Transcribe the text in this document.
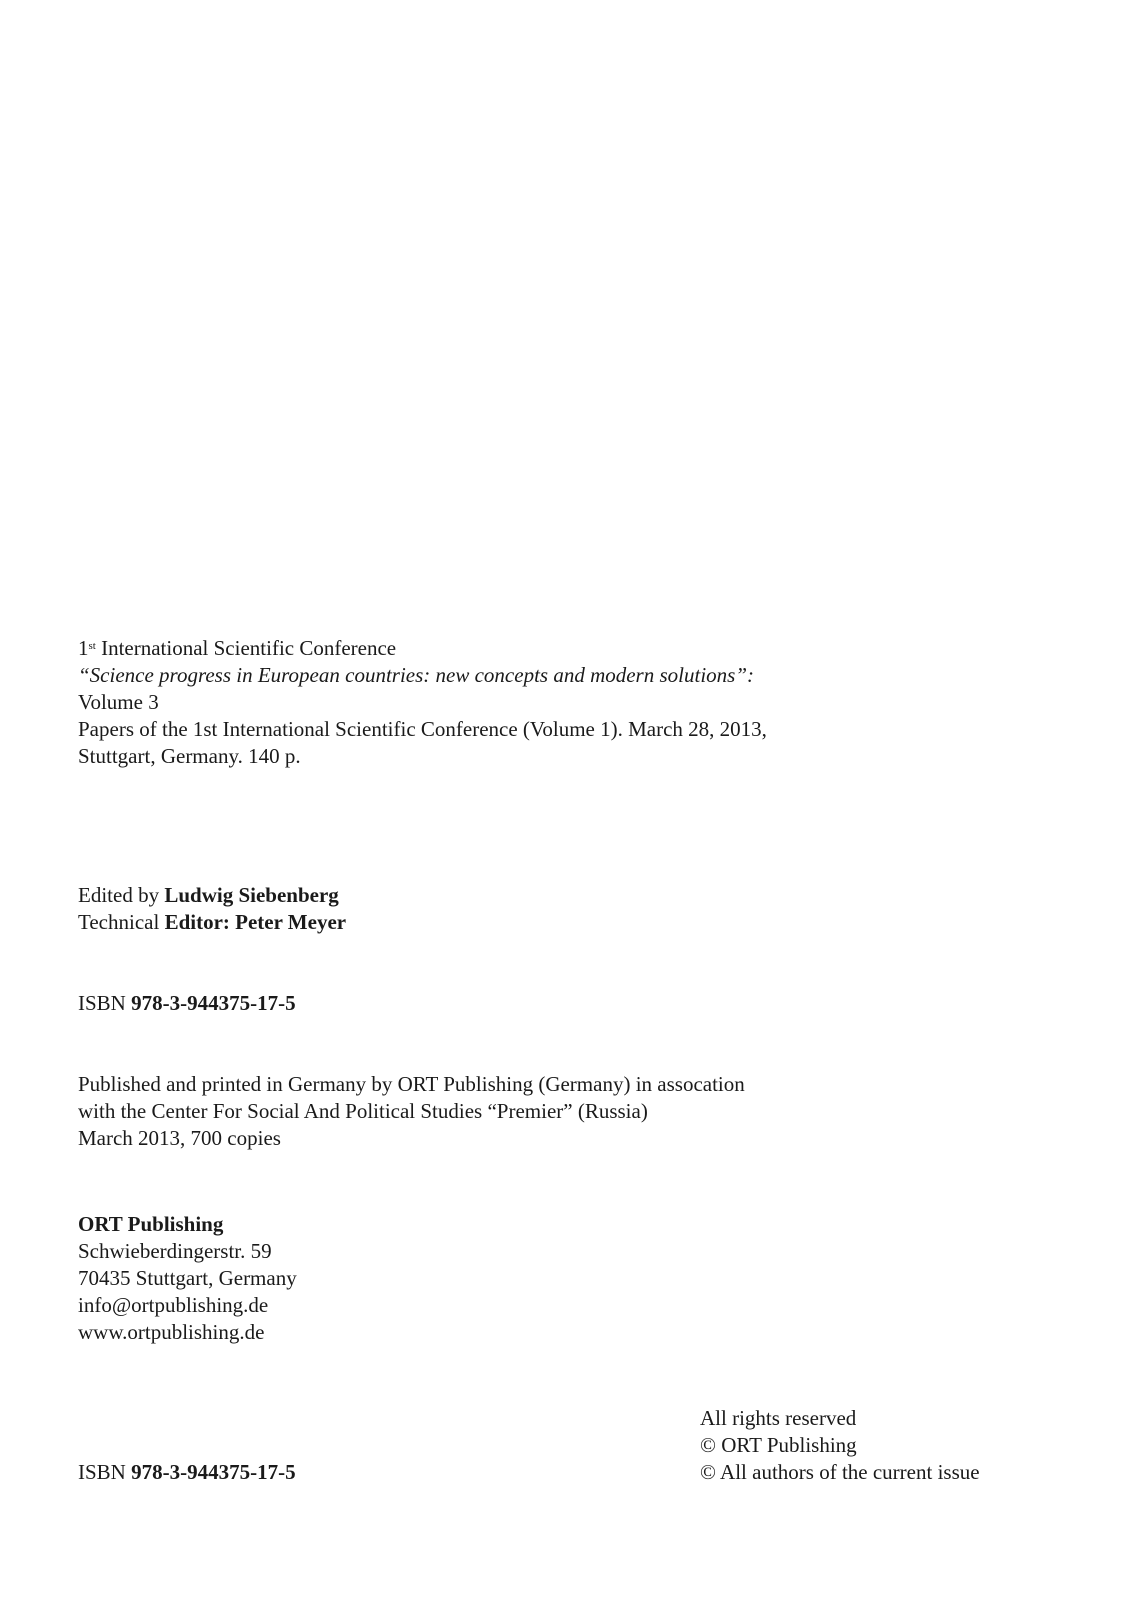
1st International Scientific Conference
“Science progress in European countries: new concepts and modern solutions”:
Volume 3
Papers of the 1st International Scientific Conference (Volume 1). March 28, 2013,
Stuttgart, Germany. 140 p.
Edited by Ludwig Siebenberg
Technical Editor: Peter Meyer
ISBN 978-3-944375-17-5
Published and printed in Germany by ORT Publishing (Germany) in assocation
with the Center For Social And Political Studies “Premier” (Russia)
March 2013, 700 copies
ORT Publishing
Schwieberdingerstr. 59
70435 Stuttgart, Germany
info@ortpublishing.de
www.ortpublishing.de
ISBN 978-3-944375-17-5
All rights reserved
© ORT Publishing
© All authors of the current issue
